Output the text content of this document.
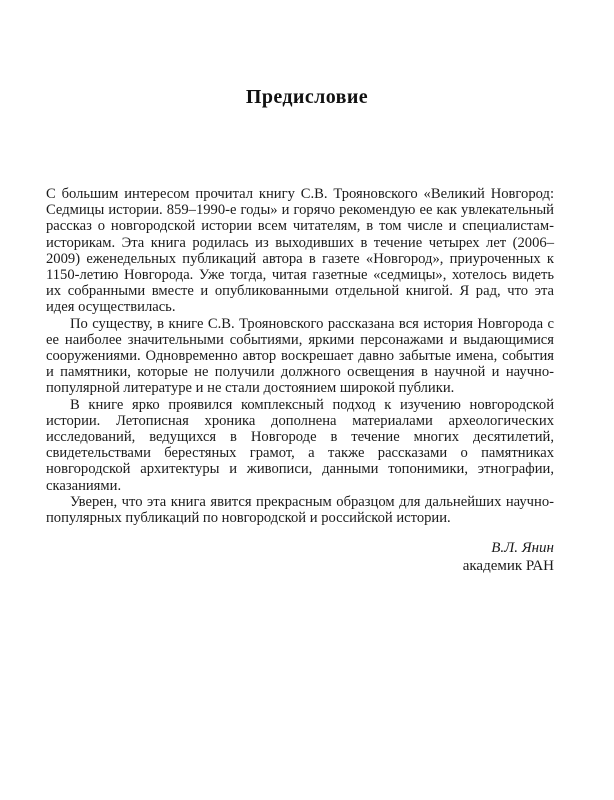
Предисловие

С большим интересом прочитал книгу С.В. Трояновского «Великий Новгород: Седмицы истории. 859–1990-е годы» и горячо рекомендую ее как увлекательный рассказ о новгородской истории всем читателям, в том числе и специалистам-историкам. Эта книга родилась из выходивших в течение четырех лет (2006–2009) еженедельных публикаций автора в газете «Новгород», приуроченных к 1150-летию Новгорода. Уже тогда, читая газетные «седмицы», хотелось видеть их собранными вместе и опубликованными отдельной книгой. Я рад, что эта идея осуществилась.

По существу, в книге С.В. Трояновского рассказана вся история Новгорода с ее наиболее значительными событиями, яркими персонажами и выдающимися сооружениями. Одновременно автор воскрешает давно забытые имена, события и памятники, которые не получили должного освещения в научной и научно-популярной литературе и не стали достоянием широкой публики.

В книге ярко проявился комплексный подход к изучению новгородской истории. Летописная хроника дополнена материалами археологических исследований, ведущихся в Новгороде в течение многих десятилетий, свидетельствами берестяных грамот, а также рассказами о памятниках новгородской архитектуры и живописи, данными топонимики, этнографии, сказаниями.

Уверен, что эта книга явится прекрасным образцом для дальнейших научно-популярных публикаций по новгородской и российской истории.

В.Л. Янин
академик РАН
